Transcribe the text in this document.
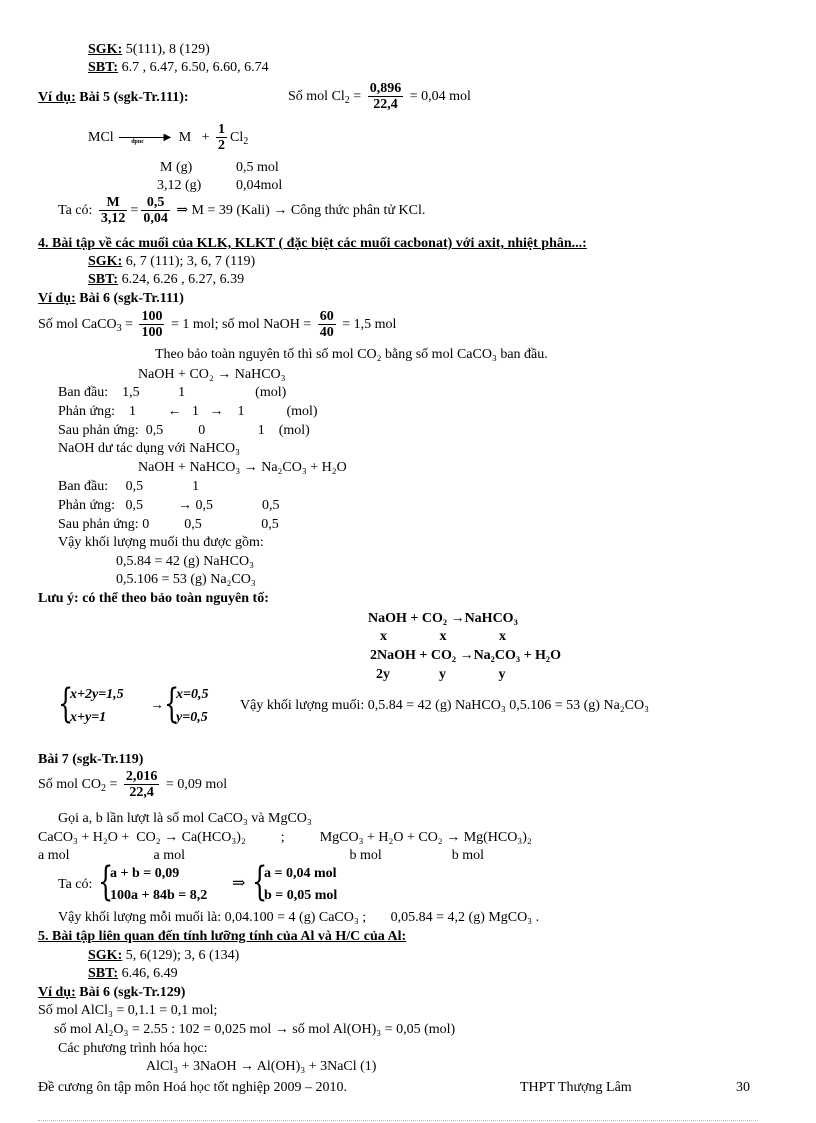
SGK: 5(111), 8 (129)
SBT: 6.7 , 6.47, 6.50, 6.60, 6.74
Ví dụ: Bài 5 (sgk-Tr.111):	Số mol $Cl_2 = \frac{0,896}{22,4} = 0,04$ mol
MCl	đpnc ▶ $M + \frac{1}{2} Cl_2$
M (g)	0,5 mol
3,12 (g) 0,04mol
Ta có: $\frac{M}{3,12} = \frac{0,5}{0,04}$ ⇒ M = 39 (Kali) → Công thức phân tử KCl.
4. Bài tập về các muối của KLK, KLKT ( đặc biệt các muối cacbonat) với axit, nhiệt phân...:
SGK: 6, 7 (111); 3, 6, 7 (119)
SBT: 6.24, 6.26 , 6.27, 6.39
Ví dụ: Bài 6 (sgk-Tr.111)
Số mol CaCO$_3$ = $\frac{100}{100} = 1$ mol; số mol NaOH = $\frac{60}{40} = 1,5$ mol
Theo bảo toàn nguyên tố thì số mol CO₂ bằng số mol CaCO₃ ban đầu.
NaOH + CO₂ → NaHCO₃
Ban đầu:    1,5           1                    (mol)
Phản ứng:    1         ←   1   →    1            (mol)
Sau phản ứng:  0,5          0               1    (mol)
NaOH dư tác dụng với NaHCO₃
NaOH + NaHCO₃ → Na₂CO₃ + H₂O
Ban đầu:     0,5              1
Phản ứng:   0,5          → 0,5              0,5
Sau phản ứng: 0          0,5                 0,5
Vậy khối lượng muối thu được gồm:
0,5.84 = 42 (g) NaHCO₃
0,5.106 = 53 (g) Na₂CO₃
Lưu ý: có thể theo bảo toàn nguyên tố:
NaOH + CO₂ →NaHCO₃
x               x               x
2NaOH + CO₂ →Na₂CO₃ + H₂O
2y              y               y
{
x+2y=1,5
x+y=1
→ {
x=0,5
y=0,5
Vậy khối lượng muối: 0,5.84 = 42 (g) NaHCO₃ 0,5.106 = 53 (g) Na₂CO₃
Bài 7 (sgk-Tr.119)
Số mol $CO_2 = \frac{2,016}{22,4} = 0,09$ mol
Gọi a, b lần lượt là số mol CaCO₃ và MgCO₃
CaCO₃ + H₂O +  CO₂ → Ca(HCO₃)₂          ;          MgCO₃ + H₂O + CO₂ → Mg(HCO₃)₂
a mol                        a mol                                               b mol                    b mol
Ta có: {
a + b = 0,09
100a + 84b = 8,2
⇒ {
a = 0,04 mol
b = 0,05 mol
Vậy khối lượng mỗi muối là: 0,04.100 = 4 (g) CaCO₃ ;       0,05.84 = 4,2 (g) MgCO₃ .
5. Bài tập liên quan đến tính lưỡng tính của Al và H/C của Al:
SGK: 5, 6(129); 3, 6 (134)
SBT: 6.46, 6.49
Ví dụ: Bài 6 (sgk-Tr.129)
Số mol AlCl₃ = 0,1.1 = 0,1 mol;
số mol Al₂O₃ = 2.55 : 102 = 0,025 mol → số mol Al(OH)₃ = 0,05 (mol)
Các phương trình hóa học:
AlCl₃ + 3NaOH → Al(OH)₃ + 3NaCl (1)
Đề cương ôn tập môn Hoá học tốt nghiệp 2009 – 2010.	THPT Thượng Lâm	30
